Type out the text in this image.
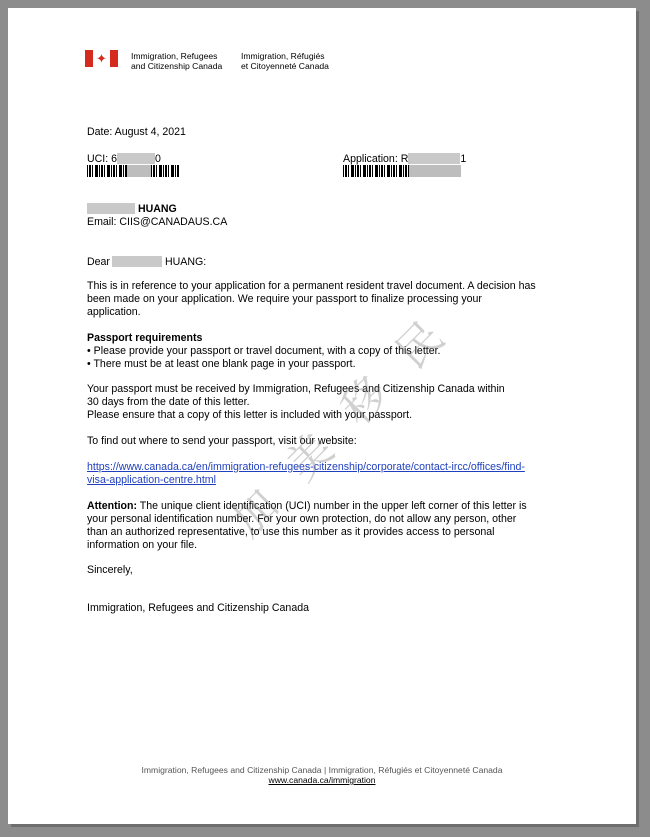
✦	Immigration, Refugees
and Citizenship Canada
Immigration, Réfugiés
et Citoyenneté Canada
Date: August 4, 2021
UCI: 6	0	Application: R	1
HUANG
Email: CIIS@CANADAUS.CA
Dear	HUANG:
This is in reference to your application for a permanent resident travel document. A decision has
been made on your application. We require your passport to finalize processing your
application.
Passport requirements
• Please provide your passport or travel document, with a copy of this letter.
• There must be at least one blank page in your passport.
Your passport must be received by Immigration, Refugees and Citizenship Canada within
30 days from the date of this letter.
Please ensure that a copy of this letter is included with your passport.
To find out where to send your passport, visit our website:
https://www.canada.ca/en/immigration-refugees-citizenship/corporate/contact-ircc/offices/find-
visa-application-centre.html
Attention: The unique client identification (UCI) number in the upper left corner of this letter is
your personal identification number. For your own protection, do not allow any person, other
than an authorized representative, to use this number as it provides access to personal
information on your file.
Sincerely,
Immigration, Refugees and Citizenship Canada
加
美
移
民
Immigration, Refugees and Citizenship Canada | Immigration, Réfugiés et Citoyenneté Canada
www.canada.ca/immigration
